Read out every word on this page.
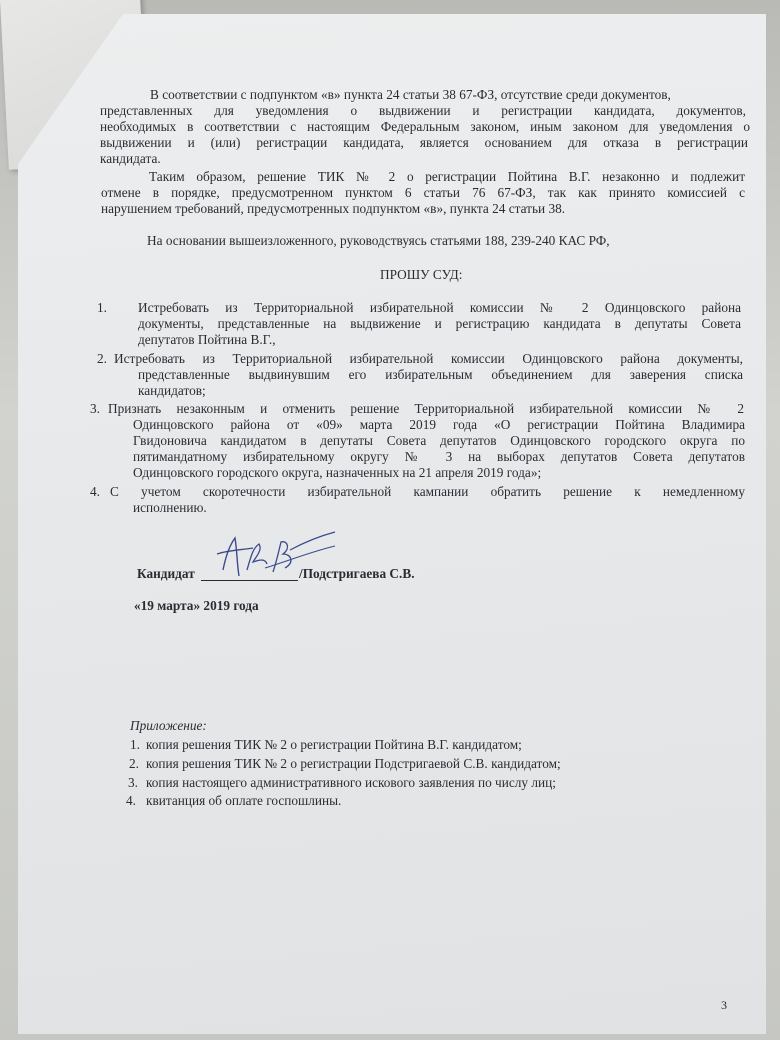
В соответствии с подпунктом «в» пункта 24 статьи 38 67-ФЗ, отсутствие среди документов,

представленных для уведомления о выдвижении и регистрации кандидата, документов,

необходимых в соответствии с настоящим Федеральным законом, иным законом для уведомления о

выдвижении и (или) регистрации кандидата, является основанием для отказа в регистрации

кандидата.

Таким образом, решение ТИК № 2 о регистрации Пойтина В.Г. незаконно и подлежит

отмене в порядке, предусмотренном пунктом 6 статьи 76 67-ФЗ, так как принято комиссией с

нарушением требований, предусмотренных подпунктом «в», пункта 24 статьи 38.

На основании вышеизложенного, руководствуясь статьями 188, 239-240 КАС РФ,

ПРОШУ СУД:

1. Истребовать из Территориальной избирательной комиссии № 2 Одинцовского района

документы, представленные на выдвижение и регистрацию кандидата в депутаты Совета

депутатов Пойтина В.Г.,

2. Истребовать из Территориальной избирательной комиссии Одинцовского района документы,

представленные выдвинувшим его избирательным объединением для заверения списка

кандидатов;

3. Признать незаконным и отменить решение Территориальной избирательной комиссии № 2

Одинцовского района от «09» марта 2019 года «О регистрации Пойтина Владимира

Гвидоновича кандидатом в депутаты Совета депутатов Одинцовского городского округа по

пятимандатному избирательному округу № 3 на выборах депутатов Совета депутатов

Одинцовского городского округа, назначенных на 21 апреля 2019 года»;

4. С учетом скоротечности избирательной кампании обратить решение к немедленному

исполнению.

Кандидат	/Подстригаева С.В.
«19 марта» 2019 года
Приложение:
1. копия решения ТИК № 2 о регистрации Пойтина В.Г. кандидатом;
2. копия решения ТИК № 2 о регистрации Подстригаевой С.В. кандидатом;
3. копия настоящего административного искового заявления по числу лиц;
4. квитанция об оплате госпошлины.
3
